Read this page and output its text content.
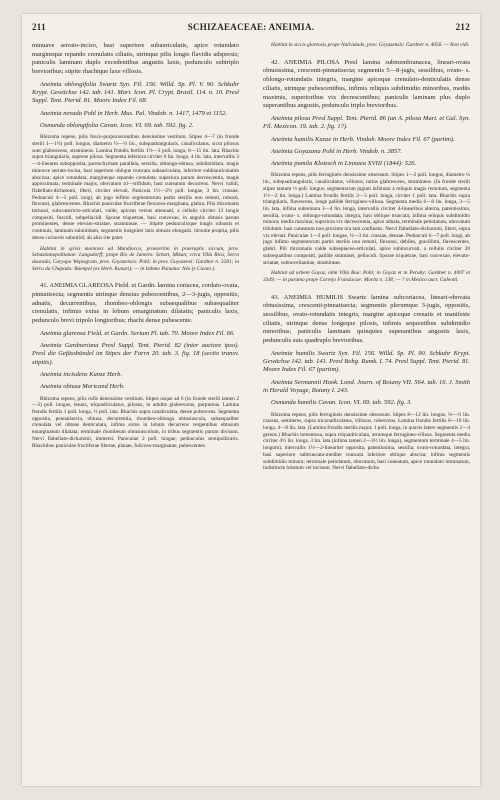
211	SCHIZAEACEAE: ANEIMIA.	212

minuave serrato-inciso, basi superiore subauriculatis, apice rotundato margineque repando crenulatis ciliatis, utrinque pilis longis flavidis adspersis; paniculis laminam duplo excedentibus angustis laxis, pedunculo subtriplo brevioribus; stipite rhachique laxe villosis.

Aneimia oblongifolia Swartz Syn. Fil. 156. Willd. Sp. Pl. V. 90. Schkuhr Krypt. Gewächse 142. tab. 141. Mart. Icon. Pl. Crypt. Brasil. 114. n. 10. Presl Suppl. Tent. Pterid. 81. Moore Index Fil. 68.

Aneimia nevada Pohl in Herb. Mus. Pal. Vindob. n. 1417, 1479 et 1152.

Osmunda oblongifolia Cavan. Icon. VI. 69. tab. 592. fig. 2.

Rhizoma repens, pilis fusco-purpurascentibus densissime vestitum. Stipes 4—7 (in fronde sterili 1—1½) poll. longus, diametro ½—⅔ lin., subquadrangularis, canaliculatus, sicut pilosus sunt glabrescens, stramineus. Lamina frondis fertilis 1½—3 poll. longa, 6—15 lin. lata. Rhachis supra triangularis, superne pilosa. Segmenta inferiora circiter 6 lin. longa, 4 lin. lata, intervallis 3—4-lineares subopposita, parenchymate parallela, sessilia, oblongo-obtusa, subdimidiata, magis minusve serrato-incisa, basi superiore oblique truncata subauriculata, inferiore subbiauriculatim abscissa; apice rotundata, margineque repando crenulata; superiora parum decrescentia, magis approximata; terminale majus, obovatum tri—trifidum, basi cuneatum decurrens. Nervi validi, flabellato-dichotomi, liberi, circiter elevati. Panicula 1½—2½ poll. longae, 3 lin. crassae. Pedunculi 4—5 poll. longi, ab jugo infimo segmentorum partis sterilis non remoti, robusti, flexuosi, glabrescentes. Rhachis paniculae fructiferae flexuoso-marginata, glabra. Pila rhizomatis tortuosi, subconstricto-articulati, valde, apicem versus attenuati, a cellulis circiter 12 longis compositi, fuscidi, subpellucidi. Sporae triquetrae, basi convexae, in angulis obtusis parum prominentes, dense elevato-striatae, stramineae. — Stipite pedunculisque longis robustis et continuis, laminam subnitidam, segmentis insigniter latis obtusis elongatis, hirsutie propria, pilis dense coriaceis subnitidi; ab aliis rite patet.

Habitat in sylvis montosis ad Mandiocca, praesertim in praeruptis siccum, prov. Sebastianopolitanae: Langsdorff; prope Rio de Janeiro: Schott, Mikan; circa Villa Rica, Serra dourada, Caryopo Wepisgram, prov. Goyazensis: Pohl; in prov. Goyazensi: Gardner n. 3581; in Serra da Chapada: Baenpol (ex Herb. Kunzei); — in Isthmo Panama: Née (e Cavan.).

41. ANEIMIA GLAREOSA Field. et Gardn. lamina coriacea, cordato-ovata, pinnatisecta; segmentis utrinque densius pubescentibus, 2—3-jugis, oppositis, adnatis, decurrentibus, rhombeo-oblongis subaequalibus subaequaliter crenulatis, infimis extus in lobum emarginatum dilatatis; paniculis laxis, pedunculo brevi tripolo longioribus; rhachi dense pubescente.

Aneimia glareosa Field. et Gardn. Sertum Pl. tab. 70. Moore Index Fil. 66.

Aneimia Gardneriana Presl Suppl. Tent. Pterid. 82 (inter auctore ipso). Presl die Gefässbündel im Stipes der Farrn 20. tab. 3. fig. 18 (sectio transv. stipitis).

Aneimia incisdens Kunze Herb.

Aneimia obtusa Moricand Herb.

Rhizoma repens, pilis rufis densissime vestitum. Stipes usque ad 6 (in fronde sterili tamen 2—3) poll. longus, tennis, triquadriculatus, pilosus, in adultis glabrescens, purpureus. Lamina frondis fertilis 1 poll. longa, ½ poll. lata. Rhachis supra canaliculata, dense pubescens. Segmenta opposita, pennatisecta, obtusa, decurrentia, rhombeo-oblonga obtusiuscula, subaequaliter crenulata vel obtuse denticulata, infima extus in lobum decurrens vergentibus obtusum emarginatum dilatata; terminale rhombeum obtusiusculum, in tribus segmentis parum divisum. Nervi flabellato-dichotomi, immersi. Paniculae 2 poll. longae; pedunculus semipollicaris. Rhachibus paniculae fructiferae liberae, planae, fulicoso-marginatae, pubescentes.

Habitat in siccis glareosis prope Natividade, prov. Goyazensis: Gardner n. 4056. — Non vidi.

42. ANEIMIA PILOSA Presl lamina submembranacea, lineari-ovata obtusissima, crescenti-pinnatisecta; segmentis 5—8-jugis, sessilibus, ovato- s. oblongo-rotundatis integris, margine apiceque crenulato-denticulatis dense ciliatis, utrinque pubescentibus, infimis reliquis subdimidio minoribus, medüs maximis, superioribus vix decrescentibus; paniculis laminam plus duplo superantibus angustis, pedunculo triplo brevioribus.

Aneimia pilosa Presl Suppl. Tent. Pterid. 86 (an A. pilosa Mart. et Gal. Syn. Fil. Mexicon. 19. tab. 2. fig. 1?).

Aneimia humilis Kunze in Herb. Vindob. Moore Index Fil. 67 (partim).

Aneimia Goyazana Pohl in Herb. Vindob. n. 3857.

Aneimia pumila Klotzsch in Linnaea XVIII (1844): 526.

Rhizoma repens, pilis ferrugineis densissime obsessum. Stipes 1—2 poll. longus, diametro ¼ lin., subquadrangularis, canaliculatus, villosus, rarius glabrescens, stramineus. (In fronde sterili stipes tantum ½ poll. longus; segmentorum jugum infimum a reliquis magis remotum, segmenta 1½—2 lin. longa.) Lamina frondis fertilis 2—3 poll. longa, circiter 1 poll. lata. Rhachis supra triangularis, flavescens, longe pallide ferrugineo-villosa. Segmenta media 6—8 lin. longa, 3—5 lin. lata, infima subremota 3—4 lin. longa, intervallis circiter 4-linearibus alterna, patentissima, sessilia, ovato- s. oblongo-rotundata, integra, basi oblique truncata; infima reliquis subdimidio minora; media maxima; superiora vix decrescentia, apice adnata, terminale petiolatum, obovatum trilobum: basi cuneatum non proxime ora tam confluens. Nervi flabellato-dichotomi, liberi, supra vix elevati. Paniculae 1—3 poll. longae, ½—3 lin. crassae, densae. Pedunculi 6—7 poll. longi, ab jugo infimo segmentorum partis sterilis non remoti, flexuosi, debiles, gracillimi, flavescentes, glabri. Pili rhizomatis valde subsepiaceo-articulati, apice subincurvati, a cellulis circiter 20 subrequalibus compositi, pallide straminei, pellucidi. Sporae triquetrae, basi convexae, elevato-striatae, subnovellantiae, stramineae.

Habitat ad urbem Goyaz, olim Villa Boa: Pohl; in Goyaz et in Peruby: Gardner n. 4007 et 3349; — in paramo prope Carrejo Franziscae: Moritz n. 138; — ? in Mexico auct. Galeotti.

43. ANEIMIA HUMILIS Swartz lamina subcoriacea, lineari-obovata obtusissima, crescenti-pinnatisecta; segmentis plerumque 3-jugis, oppositis, sessilibus, ovato-rotundatis integris, margine apiceque crenatis et manifeste ciliatis, utrinque dense longeque pilosis, infimis sequentibus subdimidio minoribus; paniculis laminam quinquies superantibus angustis laxis, pedunculis suis quadruplo brevioribus.

Aneimia humilis Swartz Syn. Fil. 156. Willd. Sp. Pl. 90. Schkuhr Krypt. Gewächse 142. tab. 141. Presl Bohg. Rumk. I. 74. Presl Suppl. Tent. Pterid. 81. Moore Index Fil. 67 (partim).

Aneimia Sermannii Hook. Lond. Journ. of Botany VII. 564. tab. 16. J. Smith in Herald Voyage, Botany I. 243.

Osmunda humilis Cavan. Icon. VI. 69. tab. 592. fig. 3.

Rhizoma repens, pilis ferrugineis densissime obsessum. Stipes 8—12 lin. longus, ⅓—½ lin. crassus, semiteres, supra triconalliculatus, villosus, rubescens. Lamina frondis fertilis 6—10 lin. longa, 4—8 lin. lata. (Lamina frondis sterilis major, 1 poll. longa, in quavis latere segmentis 2—4 gerens.) Rhachis tomentosa, supra triquadriculata, utrumque ferrugineo-villosa. Segmenta media circiter 4½ lin. longa, 3 lin. lata (infima tamen 2—3½ lin. longa), segmentum terminale 4—5 lin. longum), intervallis 1½—2-lineariter opposita, patentissima, sessilia, ovato-rotundata, integra, basi superiore subtruncata-mediter truncata inferiore oblique abscisa; infima segmentis subdimidio minora; terminale petiolatum, obovatum, basi cuneatum, apice rotundato intrunatum, indistincte lobatum vel incisum. Nervi flabellato-dicho
